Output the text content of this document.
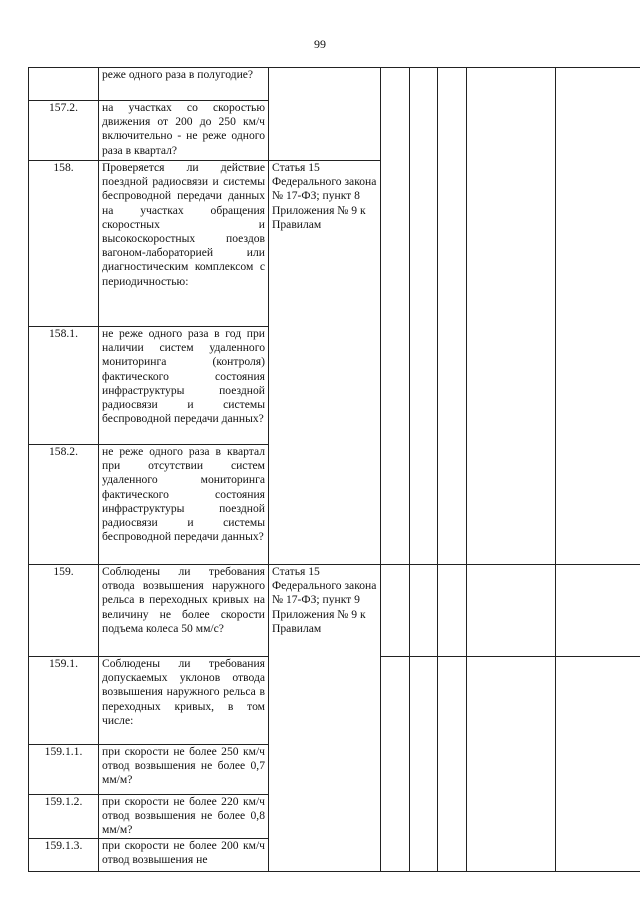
99
	реже одного раза в полугодие?						
157.2.	на участках со скоростью движения от 200 до 250 км/ч включительно - не реже одного раза в квартал?						
158.	Проверяется ли действие поездной радиосвязи и системы беспроводной передачи данных на участках обращения скоростных и высокоскоростных поездов вагоном-лабораторией или диагностическим комплексом с периодичностью:	Статья 15 Федерального закона № 17-ФЗ; пункт 8 Приложения № 9 к Правилам					
158.1.	не реже одного раза в год при наличии систем удаленного мониторинга (контроля) фактического состояния инфраструктуры поездной радиосвязи и системы беспроводной передачи данных?						
158.2.	не реже одного раза в квартал при отсутствии систем удаленного мониторинга фактического состояния инфраструктуры поездной радиосвязи и системы беспроводной передачи данных?						
159.	Соблюдены ли требования отвода возвышения наружного рельса в переходных кривых на величину не более скорости подъема колеса 50 мм/с?	Статья 15 Федерального закона № 17-ФЗ; пункт 9 Приложения № 9 к Правилам					
159.1.	Соблюдены ли требования допускаемых уклонов отвода возвышения наружного рельса в переходных кривых, в том числе:						
159.1.1.	при скорости не более 250 км/ч отвод возвышения не более 0,7 мм/м?						
159.1.2.	при скорости не более 220 км/ч отвод возвышения не более 0,8 мм/м?						
159.1.3.	при скорости не более 200 км/ч отвод возвышения не						
